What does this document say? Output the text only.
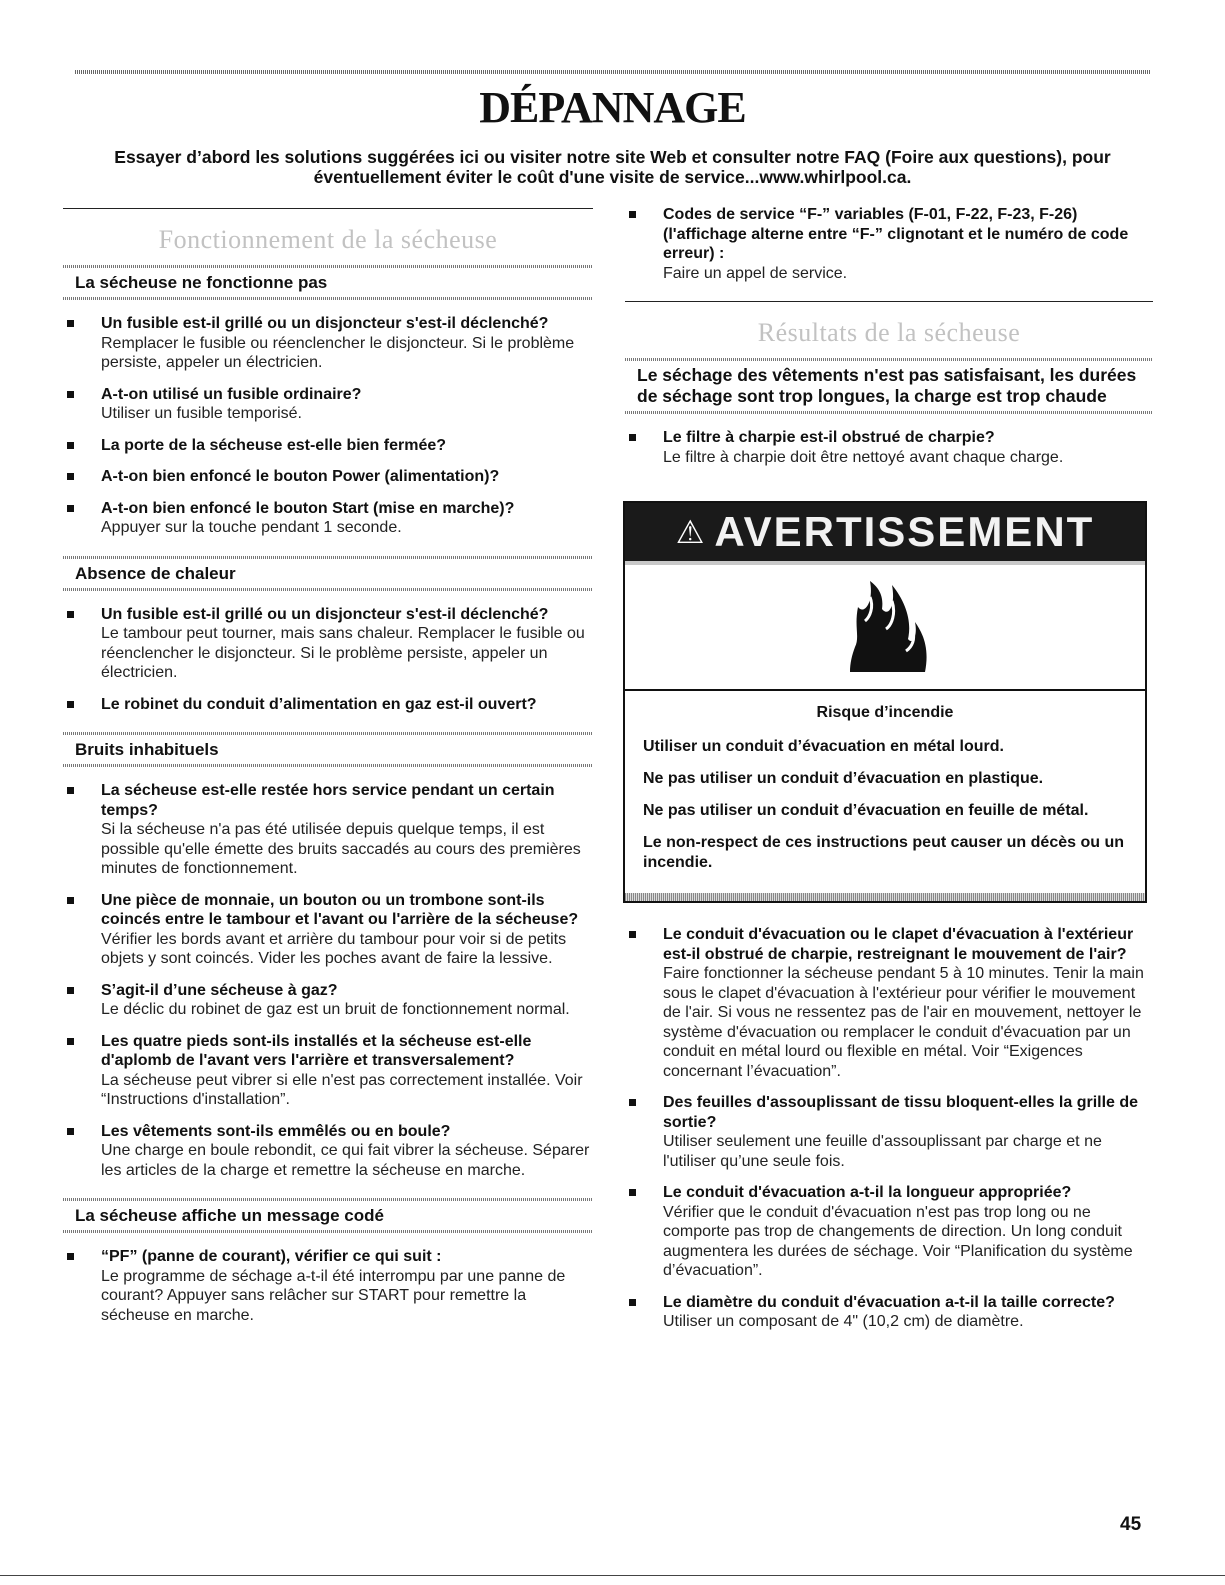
DÉPANNAGE
Essayer d’abord les solutions suggérées ici ou visiter notre site Web et consulter notre FAQ (Foire aux questions), pour éventuellement éviter le coût d'une visite de service...www.whirlpool.ca.
Fonctionnement de la sécheuse
La sécheuse ne fonctionne pas
Un fusible est-il grillé ou un disjoncteur s'est-il déclenché?
Remplacer le fusible ou réenclencher le disjoncteur. Si le problème persiste, appeler un électricien.
A-t-on utilisé un fusible ordinaire?
Utiliser un fusible temporisé.
La porte de la sécheuse est-elle bien fermée?
A-t-on bien enfoncé le bouton Power (alimentation)?
A-t-on bien enfoncé le bouton Start (mise en marche)?
Appuyer sur la touche pendant 1 seconde.
Absence de chaleur
Un fusible est-il grillé ou un disjoncteur s'est-il déclenché?
Le tambour peut tourner, mais sans chaleur. Remplacer le fusible ou réenclencher le disjoncteur. Si le problème persiste, appeler un électricien.
Le robinet du conduit d’alimentation en gaz est-il ouvert?
Bruits inhabituels
La sécheuse est-elle restée hors service pendant un certain temps?
Si la sécheuse n'a pas été utilisée depuis quelque temps, il est possible qu'elle émette des bruits saccadés au cours des premières minutes de fonctionnement.
Une pièce de monnaie, un bouton ou un trombone sont-ils coincés entre le tambour et l'avant ou l'arrière de la sécheuse?
Vérifier les bords avant et arrière du tambour pour voir si de petits objets y sont coincés. Vider les poches avant de faire la lessive.
S’agit-il d’une sécheuse à gaz?
Le déclic du robinet de gaz est un bruit de fonctionnement normal.
Les quatre pieds sont-ils installés et la sécheuse est-elle d'aplomb de l'avant vers l'arrière et transversalement?
La sécheuse peut vibrer si elle n'est pas correctement installée. Voir “Instructions d'installation”.
Les vêtements sont-ils emmêlés ou en boule?
Une charge en boule rebondit, ce qui fait vibrer la sécheuse. Séparer les articles de la charge et remettre la sécheuse en marche.
La sécheuse affiche un message codé
“PF” (panne de courant), vérifier ce qui suit :
Le programme de séchage a-t-il été interrompu par une panne de courant? Appuyer sans relâcher sur START pour remettre la sécheuse en marche.
Codes de service “F-” variables (F-01, F-22, F-23, F-26) (l'affichage alterne entre “F-” clignotant et le numéro de code erreur) :
Faire un appel de service.
Résultats de la sécheuse
Le séchage des vêtements n'est pas satisfaisant, les durées de séchage sont trop longues, la charge est trop chaude
Le filtre à charpie est-il obstrué de charpie?
Le filtre à charpie doit être nettoyé avant chaque charge.
⚠ AVERTISSEMENT
Risque d’incendie

Utiliser un conduit d’évacuation en métal lourd.

Ne pas utiliser un conduit d’évacuation en plastique.

Ne pas utiliser un conduit d’évacuation en feuille de métal.

Le non-respect de ces instructions peut causer un décès ou un incendie.

Le conduit d'évacuation ou le clapet d'évacuation à l'extérieur est-il obstrué de charpie, restreignant le mouvement de l'air?
Faire fonctionner la sécheuse pendant 5 à 10 minutes. Tenir la main sous le clapet d'évacuation à l'extérieur pour vérifier le mouvement de l'air. Si vous ne ressentez pas de l'air en mouvement, nettoyer le système d'évacuation ou remplacer le conduit d'évacuation par un conduit en métal lourd ou flexible en métal. Voir “Exigences concernant l’évacuation”.
Des feuilles d'assouplissant de tissu bloquent-elles la grille de sortie?
Utiliser seulement une feuille d'assouplissant par charge et ne l'utiliser qu’une seule fois.
Le conduit d'évacuation a-t-il la longueur appropriée?
Vérifier que le conduit d'évacuation n'est pas trop long ou ne comporte pas trop de changements de direction. Un long conduit augmentera les durées de séchage. Voir “Planification du système d’évacuation”.
Le diamètre du conduit d'évacuation a-t-il la taille correcte?
Utiliser un composant de 4" (10,2 cm) de diamètre.
45
